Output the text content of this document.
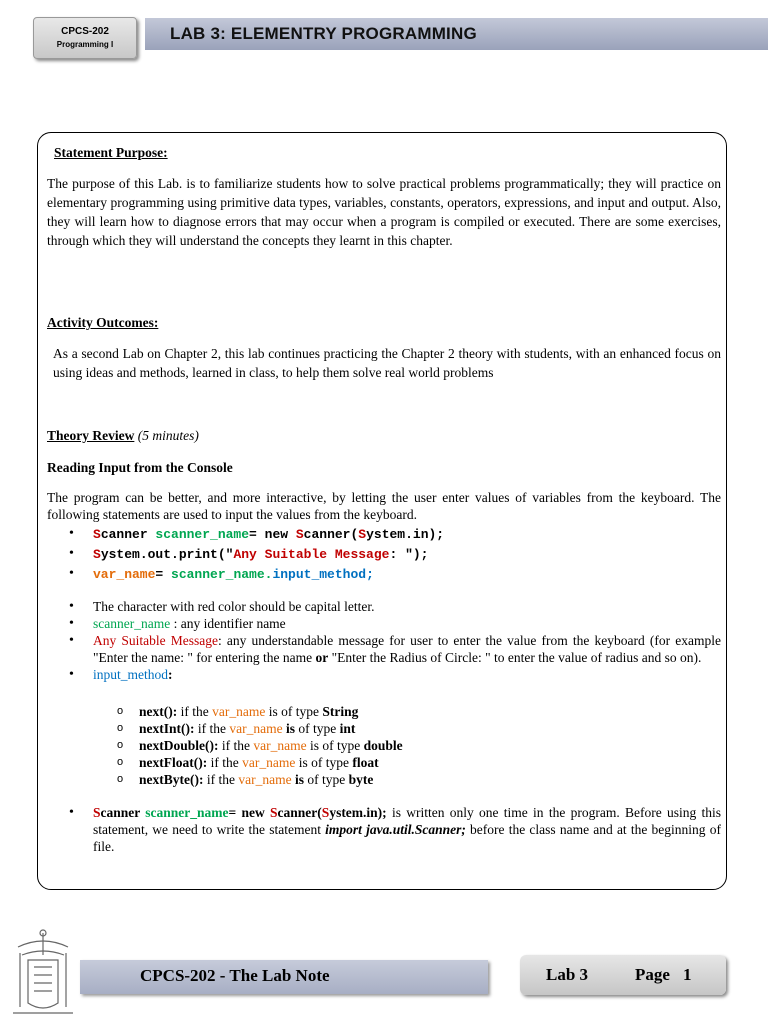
CPCS-202
Programming I
LAB 3: ELEMENTRY PROGRAMMING
Statement Purpose:

The purpose of this Lab. is to familiarize students how to solve practical problems programmatically; they will practice on elementary programming using primitive data types, variables, constants, operators, expressions, and input and output. Also, they will learn how to diagnose errors that may occur when a program is compiled or executed. There are some exercises, through which they will understand the concepts they learnt in this chapter.

Activity Outcomes:

As a second Lab on Chapter 2, this lab continues practicing the Chapter 2 theory with students, with an enhanced focus on using ideas and methods, learned in class, to help them solve real world problems

Theory Review (5 minutes)
Reading Input from the Console

The program can be better, and more interactive, by letting the user enter values of variables from the keyboard. The following statements are used to input the values from the keyboard.

• Scanner scanner_name= new Scanner(System.in);
• System.out.print("Any Suitable Message: ");
• var_name= scanner_name.input_method;
• The character with red color should be capital letter.
• scanner_name : any identifier name
• Any Suitable Message: any understandable message for user to enter the value from the keyboard (for example "Enter the name: " for entering the name or "Enter the Radius of Circle: " to enter the value of radius and so on).
• input_method:
o next(): if the var_name is of type String
o nextInt(): if the var_name is of type int
o nextDouble(): if the var_name is of type double
o nextFloat(): if the var_name is of type float
o nextByte(): if the var_name is of type byte
• Scanner scanner_name= new Scanner(System.in); is written only one time in the program. Before using this statement, we need to write the statement import java.util.Scanner; before the class name and at the beginning of file.
CPCS-202 - The Lab Note	Lab 3	Page 1
